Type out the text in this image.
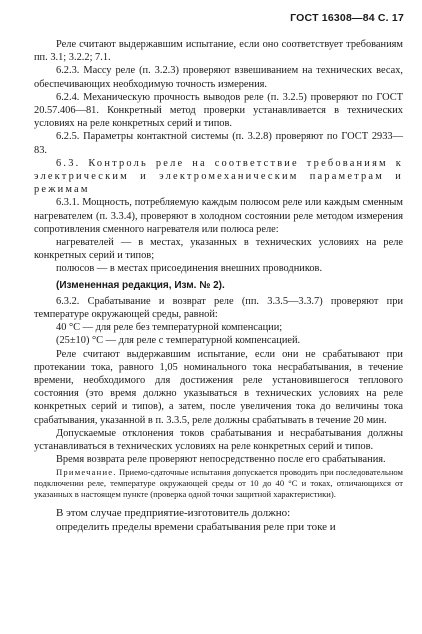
ГОСТ 16308—84 С. 17

Реле считают выдержавшим испытание, если оно соответствует требованиям пп. 3.1; 3.2.2; 7.1.

6.2.3. Массу реле (п. 3.2.3) проверяют взвешиванием на технических весах, обеспечивающих необходимую точность измерения.

6.2.4. Механическую прочность выводов реле (п. 3.2.5) проверяют по ГОСТ 20.57.406—81. Конкретный метод проверки устанавливается в технических условиях на реле конкретных серий и типов.

6.2.5. Параметры контактной системы (п. 3.2.8) проверяют по ГОСТ 2933—83.

6.3. Контроль реле на соответствие требованиям к электрическим и электромеханическим параметрам и режимам

6.3.1. Мощность, потребляемую каждым полюсом реле или каждым сменным нагревателем (п. 3.3.4), проверяют в холодном состоянии реле методом измерения сопротивления сменного нагревателя или полюса реле:

нагревателей — в местах, указанных в технических условиях на реле конкретных серий и типов;

полюсов — в местах присоединения внешних проводников.

(Измененная редакция, Изм. № 2).

6.3.2. Срабатывание и возврат реле (пп. 3.3.5—3.3.7) проверяют при температуре окружающей среды, равной:

40 °C — для реле без температурной компенсации;

(25±10) °C — для реле с температурной компенсацией.

Реле считают выдержавшим испытание, если они не срабатывают при протекании тока, равного 1,05 номинального тока несрабатывания, в течение времени, необходимого для достижения реле установившегося теплового состояния (это время должно указываться в технических условиях на реле конкретных серий и типов), а затем, после увеличения тока до величины тока срабатывания, указанной в п. 3.3.5, реле должны срабатывать в течение 20 мин.

Допускаемые отклонения токов срабатывания и несрабатывания должны устанавливаться в технических условиях на реле конкретных серий и типов.

Время возврата реле проверяют непосредственно после его срабатывания.

Примечание. Приемо-сдаточные испытания допускается проводить при последовательном подключении реле, температуре окружающей среды от 10 до 40 °C и токах, отличающихся от указанных в настоящем пункте (проверка одной точки защитной характеристики).

В этом случае предприятие-изготовитель должно:

определить пределы времени срабатывания реле при токе и
